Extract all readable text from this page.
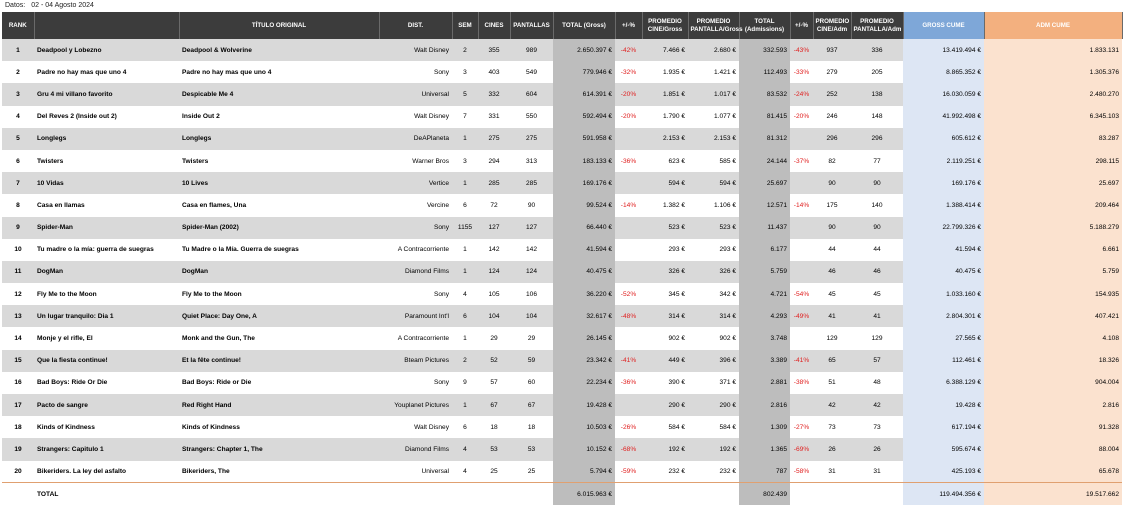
Datos: 02 - 04 Agosto 2024
RANK		TÍTULO ORIGINAL	DIST.	SEM	CINES	PANTALLAS	TOTAL (Gross)	+/-%	PROMEDIO CINE/Gross	PROMEDIO PANTALLA/Gross	TOTAL (Admissions)	+/-%	PROMEDIO CINE/Adm	PROMEDIO PANTALLA/Adm	GROSS CUME	ADM CUME
1	Deadpool y Lobezno	Deadpool & Wolverine	Walt Disney	2	355	989	2.650.397 €	-42%	7.466 €	2.680 €	332.593	-43%	937	336	13.419.494 €	1.833.131
2	Padre no hay mas que uno 4	Padre no hay mas que uno 4	Sony	3	403	549	779.946 €	-32%	1.935 €	1.421 €	112.493	-33%	279	205	8.865.352 €	1.305.376
3	Gru 4 mi villano favorito	Despicable Me 4	Universal	5	332	604	614.391 €	-20%	1.851 €	1.017 €	83.532	-24%	252	138	16.030.059 €	2.480.270
4	Del Reves 2 (Inside out 2)	Inside Out 2	Walt Disney	7	331	550	592.494 €	-20%	1.790 €	1.077 €	81.415	-20%	246	148	41.992.498 €	6.345.103
5	Longlegs	Longlegs	DeAPlaneta	1	275	275	591.958 €		2.153 €	2.153 €	81.312		296	296	605.612 €	83.287
6	Twisters	Twisters	Warner Bros	3	294	313	183.133 €	-36%	623 €	585 €	24.144	-37%	82	77	2.119.251 €	298.115
7	10 Vidas	10 Lives	Vertice	1	285	285	169.176 €		594 €	594 €	25.697		90	90	169.176 €	25.697
8	Casa en llamas	Casa en flames, Una	Vercine	6	72	90	99.524 €	-14%	1.382 €	1.106 €	12.571	-14%	175	140	1.388.414 €	209.464
9	Spider-Man	Spider-Man (2002)	Sony	1155	127	127	66.440 €		523 €	523 €	11.437		90	90	22.799.326 €	5.188.279
10	Tu madre o la mía: guerra de suegras	Tu Madre o la Mía. Guerra de suegras	A Contracorriente	1	142	142	41.594 €		293 €	293 €	6.177		44	44	41.594 €	6.661
11	DogMan	DogMan	Diamond Films	1	124	124	40.475 €		326 €	326 €	5.759		46	46	40.475 €	5.759
12	Fly Me to the Moon	Fly Me to the Moon	Sony	4	105	106	36.220 €	-52%	345 €	342 €	4.721	-54%	45	45	1.033.160 €	154.935
13	Un lugar tranquilo: Dia 1	Quiet Place: Day One, A	Paramount Int'l	6	104	104	32.617 €	-48%	314 €	314 €	4.293	-49%	41	41	2.804.301 €	407.421
14	Monje y el rifle, El	Monk and the Gun, The	A Contracorriente	1	29	29	26.145 €		902 €	902 €	3.748		129	129	27.565 €	4.108
15	Que la fiesta continue!	Et la fête continue!	Bteam Pictures	2	52	59	23.342 €	-41%	449 €	396 €	3.389	-41%	65	57	112.461 €	18.326
16	Bad Boys: Ride Or Die	Bad Boys: Ride or Die	Sony	9	57	60	22.234 €	-36%	390 €	371 €	2.881	-38%	51	48	6.388.129 €	904.004
17	Pacto de sangre	Red Right Hand	Youplanet Pictures	1	67	67	19.428 €		290 €	290 €	2.816		42	42	19.428 €	2.816
18	Kinds of Kindness	Kinds of Kindness	Walt Disney	6	18	18	10.503 €	-26%	584 €	584 €	1.309	-27%	73	73	617.194 €	91.328
19	Strangers: Capitulo 1	Strangers: Chapter 1, The	Diamond Films	4	53	53	10.152 €	-68%	192 €	192 €	1.365	-69%	26	26	595.674 €	88.004
20	Bikeriders. La ley del asfalto	Bikeriders, The	Universal	4	25	25	5.794 €	-59%	232 €	232 €	787	-58%	31	31	425.193 €	65.678
	TOTAL						6.015.963 €				802.439				119.494.356 €	19.517.662
